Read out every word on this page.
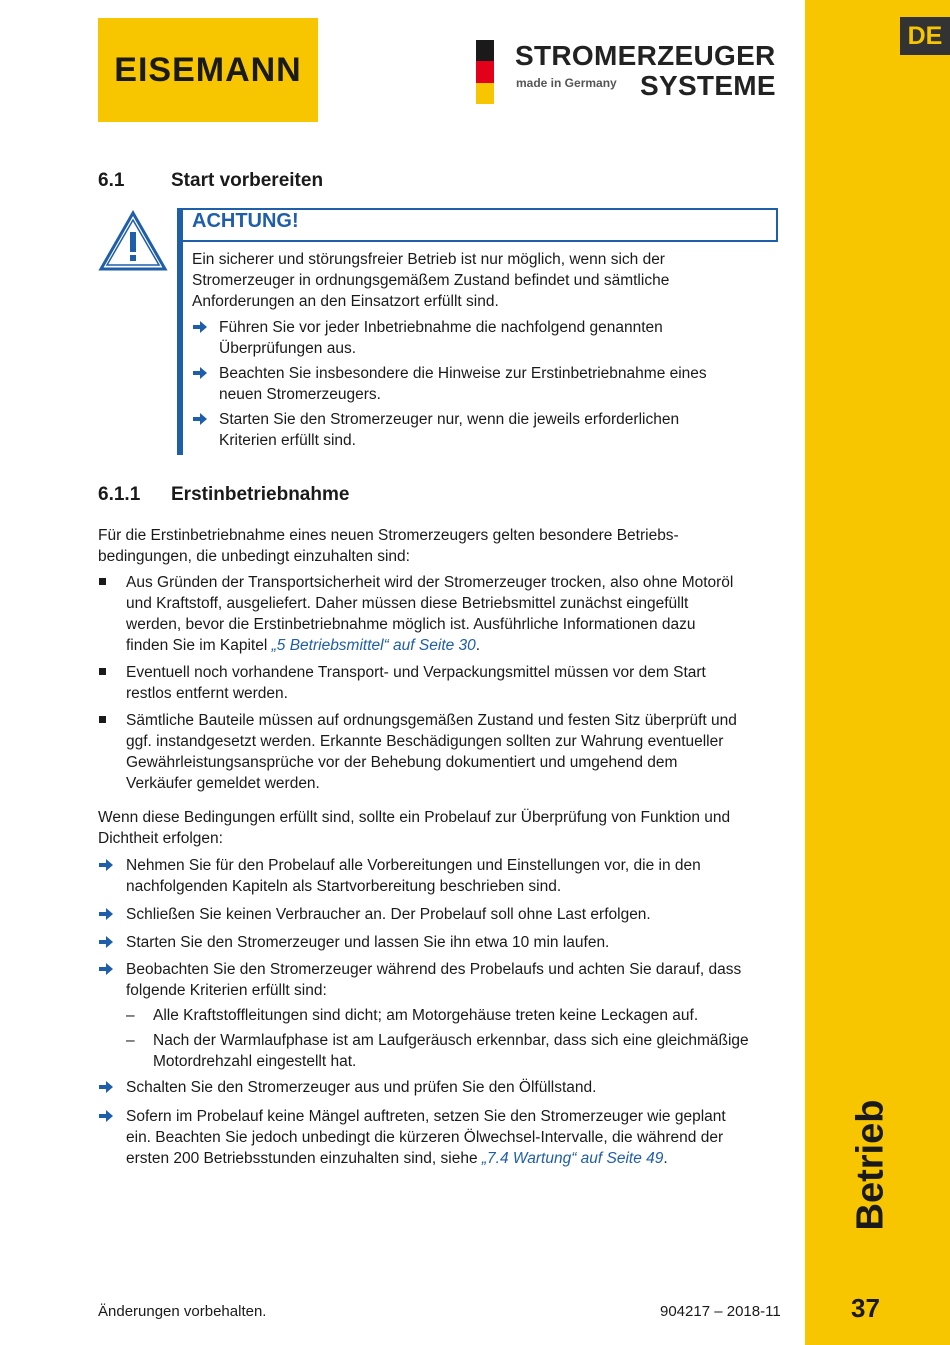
DE
Betrieb
37
EISEMANN	STROMERZEUGER
made in Germany SYSTEME
6.1 Start vorbereiten
ACHTUNG!
Ein sicherer und störungsfreier Betrieb ist nur möglich, wenn sich der
Stromerzeuger in ordnungsgemäßem Zustand befindet und sämtliche
Anforderungen an den Einsatzort erfüllt sind.
Führen Sie vor jeder Inbetriebnahme die nachfolgend genannten
Überprüfungen aus.
Beachten Sie insbesondere die Hinweise zur Erstinbetriebnahme eines
neuen Stromerzeugers.
Starten Sie den Stromerzeuger nur, wenn die jeweils erforderlichen
Kriterien erfüllt sind.
6.1.1 Erstinbetriebnahme
Für die Erstinbetriebnahme eines neuen Stromerzeugers gelten besondere Betriebs-
bedingungen, die unbedingt einzuhalten sind:
Aus Gründen der Transportsicherheit wird der Stromerzeuger trocken, also ohne Motoröl
und Kraftstoff, ausgeliefert. Daher müssen diese Betriebsmittel zunächst eingefüllt
werden, bevor die Erstinbetriebnahme möglich ist. Ausführliche Informationen dazu
finden Sie im Kapitel „5 Betriebsmittel“ auf Seite 30.
Eventuell noch vorhandene Transport- und Verpackungsmittel müssen vor dem Start
restlos entfernt werden.
Sämtliche Bauteile müssen auf ordnungsgemäßen Zustand und festen Sitz überprüft und
ggf. instandgesetzt werden. Erkannte Beschädigungen sollten zur Wahrung eventueller
Gewährleistungsansprüche vor der Behebung dokumentiert und umgehend dem
Verkäufer gemeldet werden.
Wenn diese Bedingungen erfüllt sind, sollte ein Probelauf zur Überprüfung von Funktion und
Dichtheit erfolgen:
Nehmen Sie für den Probelauf alle Vorbereitungen und Einstellungen vor, die in den
nachfolgenden Kapiteln als Startvorbereitung beschrieben sind.
Schließen Sie keinen Verbraucher an. Der Probelauf soll ohne Last erfolgen.
Starten Sie den Stromerzeuger und lassen Sie ihn etwa 10 min laufen.
Beobachten Sie den Stromerzeuger während des Probelaufs und achten Sie darauf, dass
folgende Kriterien erfüllt sind:
– Alle Kraftstoffleitungen sind dicht; am Motorgehäuse treten keine Leckagen auf.
– Nach der Warmlaufphase ist am Laufgeräusch erkennbar, dass sich eine gleichmäßige
Motordrehzahl eingestellt hat.
Schalten Sie den Stromerzeuger aus und prüfen Sie den Ölfüllstand.
Sofern im Probelauf keine Mängel auftreten, setzen Sie den Stromerzeuger wie geplant
ein. Beachten Sie jedoch unbedingt die kürzeren Ölwechsel-Intervalle, die während der
ersten 200 Betriebsstunden einzuhalten sind, siehe „7.4 Wartung“ auf Seite 49.
Änderungen vorbehalten.	904217 – 2018-11
